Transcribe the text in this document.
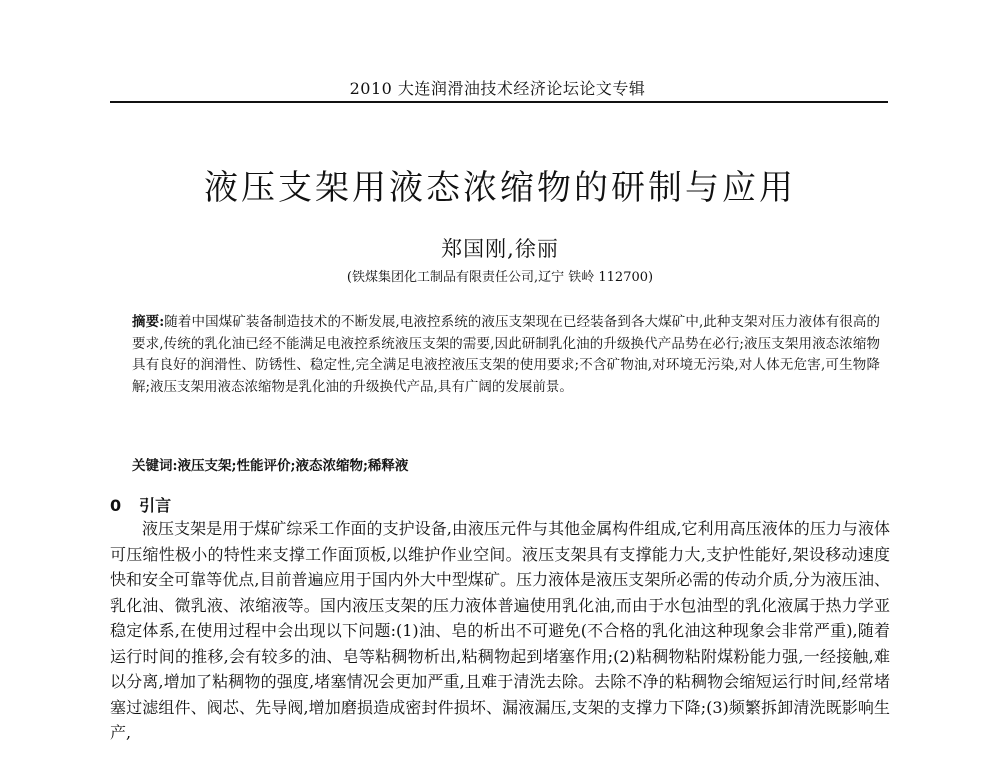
2010 大连润滑油技术经济论坛论文专辑
液压支架用液态浓缩物的研制与应用
郑国刚,徐丽
(铁煤集团化工制品有限责任公司,辽宁 铁岭 112700)
摘要:随着中国煤矿装备制造技术的不断发展,电液控系统的液压支架现在已经装备到各大煤矿中,此种支架对压力液体有很高的要求,传统的乳化油已经不能满足电液控系统液压支架的需要,因此研制乳化油的升级换代产品势在必行;液压支架用液态浓缩物具有良好的润滑性、防锈性、稳定性,完全满足电液控液压支架的使用要求;不含矿物油,对环境无污染,对人体无危害,可生物降解;液压支架用液态浓缩物是乳化油的升级换代产品,具有广阔的发展前景。
关键词:液压支架;性能评价;液态浓缩物;稀释液
0 引言

液压支架是用于煤矿综采工作面的支护设备,由液压元件与其他金属构件组成,它利用高压液体的压力与液体可压缩性极小的特性来支撑工作面顶板,以维护作业空间。液压支架具有支撑能力大,支护性能好,架设移动速度快和安全可靠等优点,目前普遍应用于国内外大中型煤矿。压力液体是液压支架所必需的传动介质,分为液压油、乳化油、微乳液、浓缩液等。国内液压支架的压力液体普遍使用乳化油,而由于水包油型的乳化液属于热力学亚稳定体系,在使用过程中会出现以下问题:(1)油、皂的析出不可避免(不合格的乳化油这种现象会非常严重),随着运行时间的推移,会有较多的油、皂等粘稠物析出,粘稠物起到堵塞作用;(2)粘稠物粘附煤粉能力强,一经接触,难以分离,增加了粘稠物的强度,堵塞情况会更加严重,且难于清洗去除。去除不净的粘稠物会缩短运行时间,经常堵塞过滤组件、阀芯、先导阀,增加磨损造成密封件损坏、漏液漏压,支架的支撑力下降;(3)频繁拆卸清洗既影响生产,
